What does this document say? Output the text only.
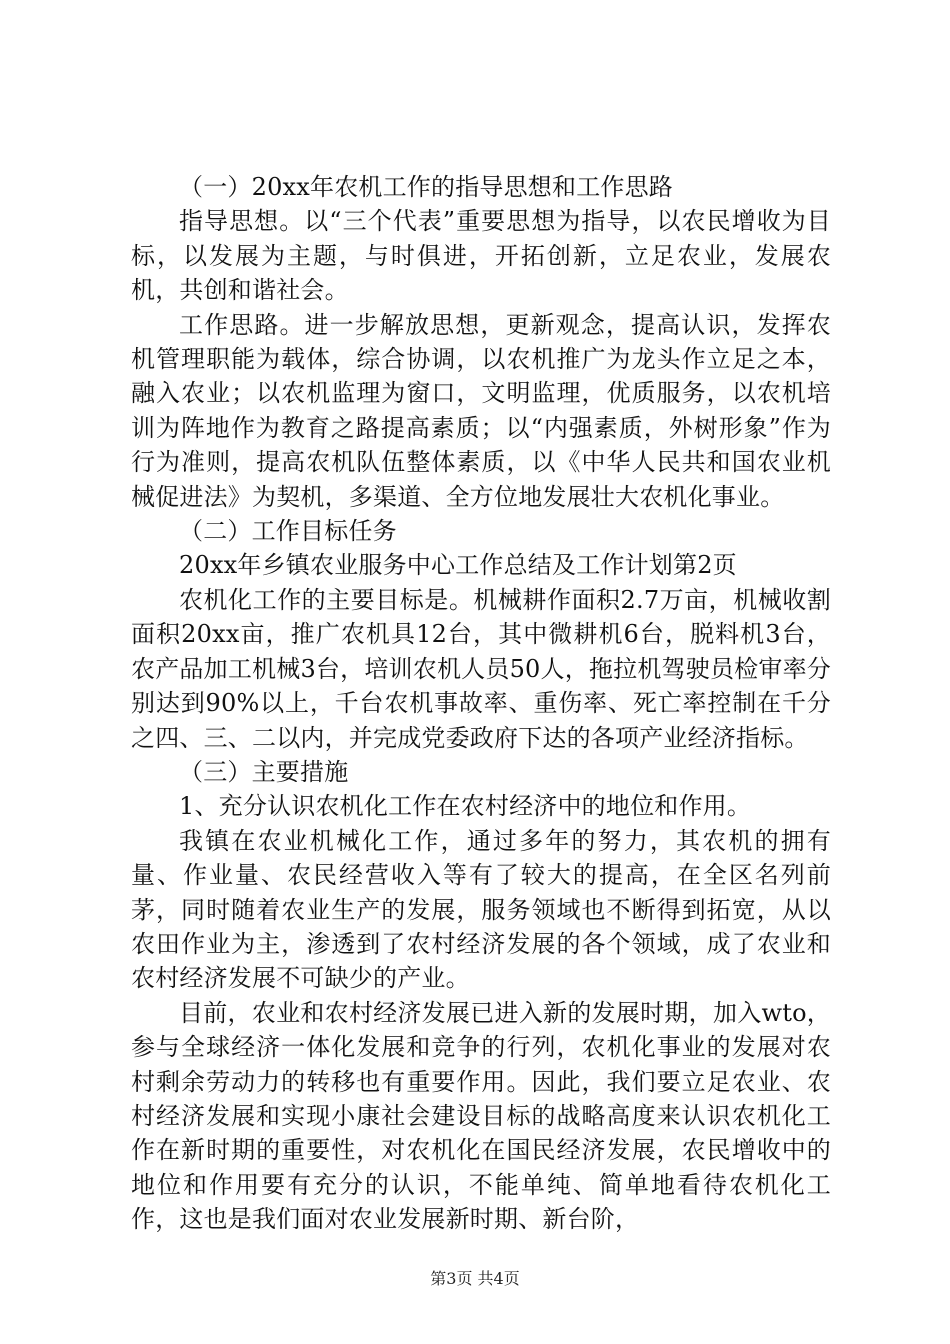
（一）20xx年农机工作的指导思想和工作思路

指导思想。以“三个代表”重要思想为指导，以农民增收为目标，以发展为主题，与时俱进，开拓创新，立足农业，发展农机，共创和谐社会。

工作思路。进一步解放思想，更新观念，提高认识，发挥农机管理职能为载体，综合协调，以农机推广为龙头作立足之本，融入农业；以农机监理为窗口，文明监理，优质服务，以农机培训为阵地作为教育之路提高素质；以“内强素质，外树形象”作为行为准则，提高农机队伍整体素质，以《中华人民共和国农业机械促进法》为契机，多渠道、全方位地发展壮大农机化事业。

（二）工作目标任务

20xx年乡镇农业服务中心工作总结及工作计划第2页

农机化工作的主要目标是。机械耕作面积2.7万亩，机械收割面积20xx亩，推广农机具12台，其中微耕机6台，脱料机3台，农产品加工机械3台，培训农机人员50人，拖拉机驾驶员检审率分别达到90%以上，千台农机事故率、重伤率、死亡率控制在千分之四、三、二以内，并完成党委政府下达的各项产业经济指标。

（三）主要措施

1、充分认识农机化工作在农村经济中的地位和作用。

我镇在农业机械化工作，通过多年的努力，其农机的拥有量、作业量、农民经营收入等有了较大的提高，在全区名列前茅，同时随着农业生产的发展，服务领域也不断得到拓宽，从以农田作业为主，渗透到了农村经济发展的各个领域，成了农业和农村经济发展不可缺少的产业。

目前，农业和农村经济发展已进入新的发展时期，加入wto，参与全球经济一体化发展和竞争的行列，农机化事业的发展对农村剩余劳动力的转移也有重要作用。因此，我们要立足农业、农村经济发展和实现小康社会建设目标的战略高度来认识农机化工作在新时期的重要性，对农机化在国民经济发展，农民增收中的地位和作用要有充分的认识，不能单纯、简单地看待农机化工作，这也是我们面对农业发展新时期、新台阶，

第3页 共4页
